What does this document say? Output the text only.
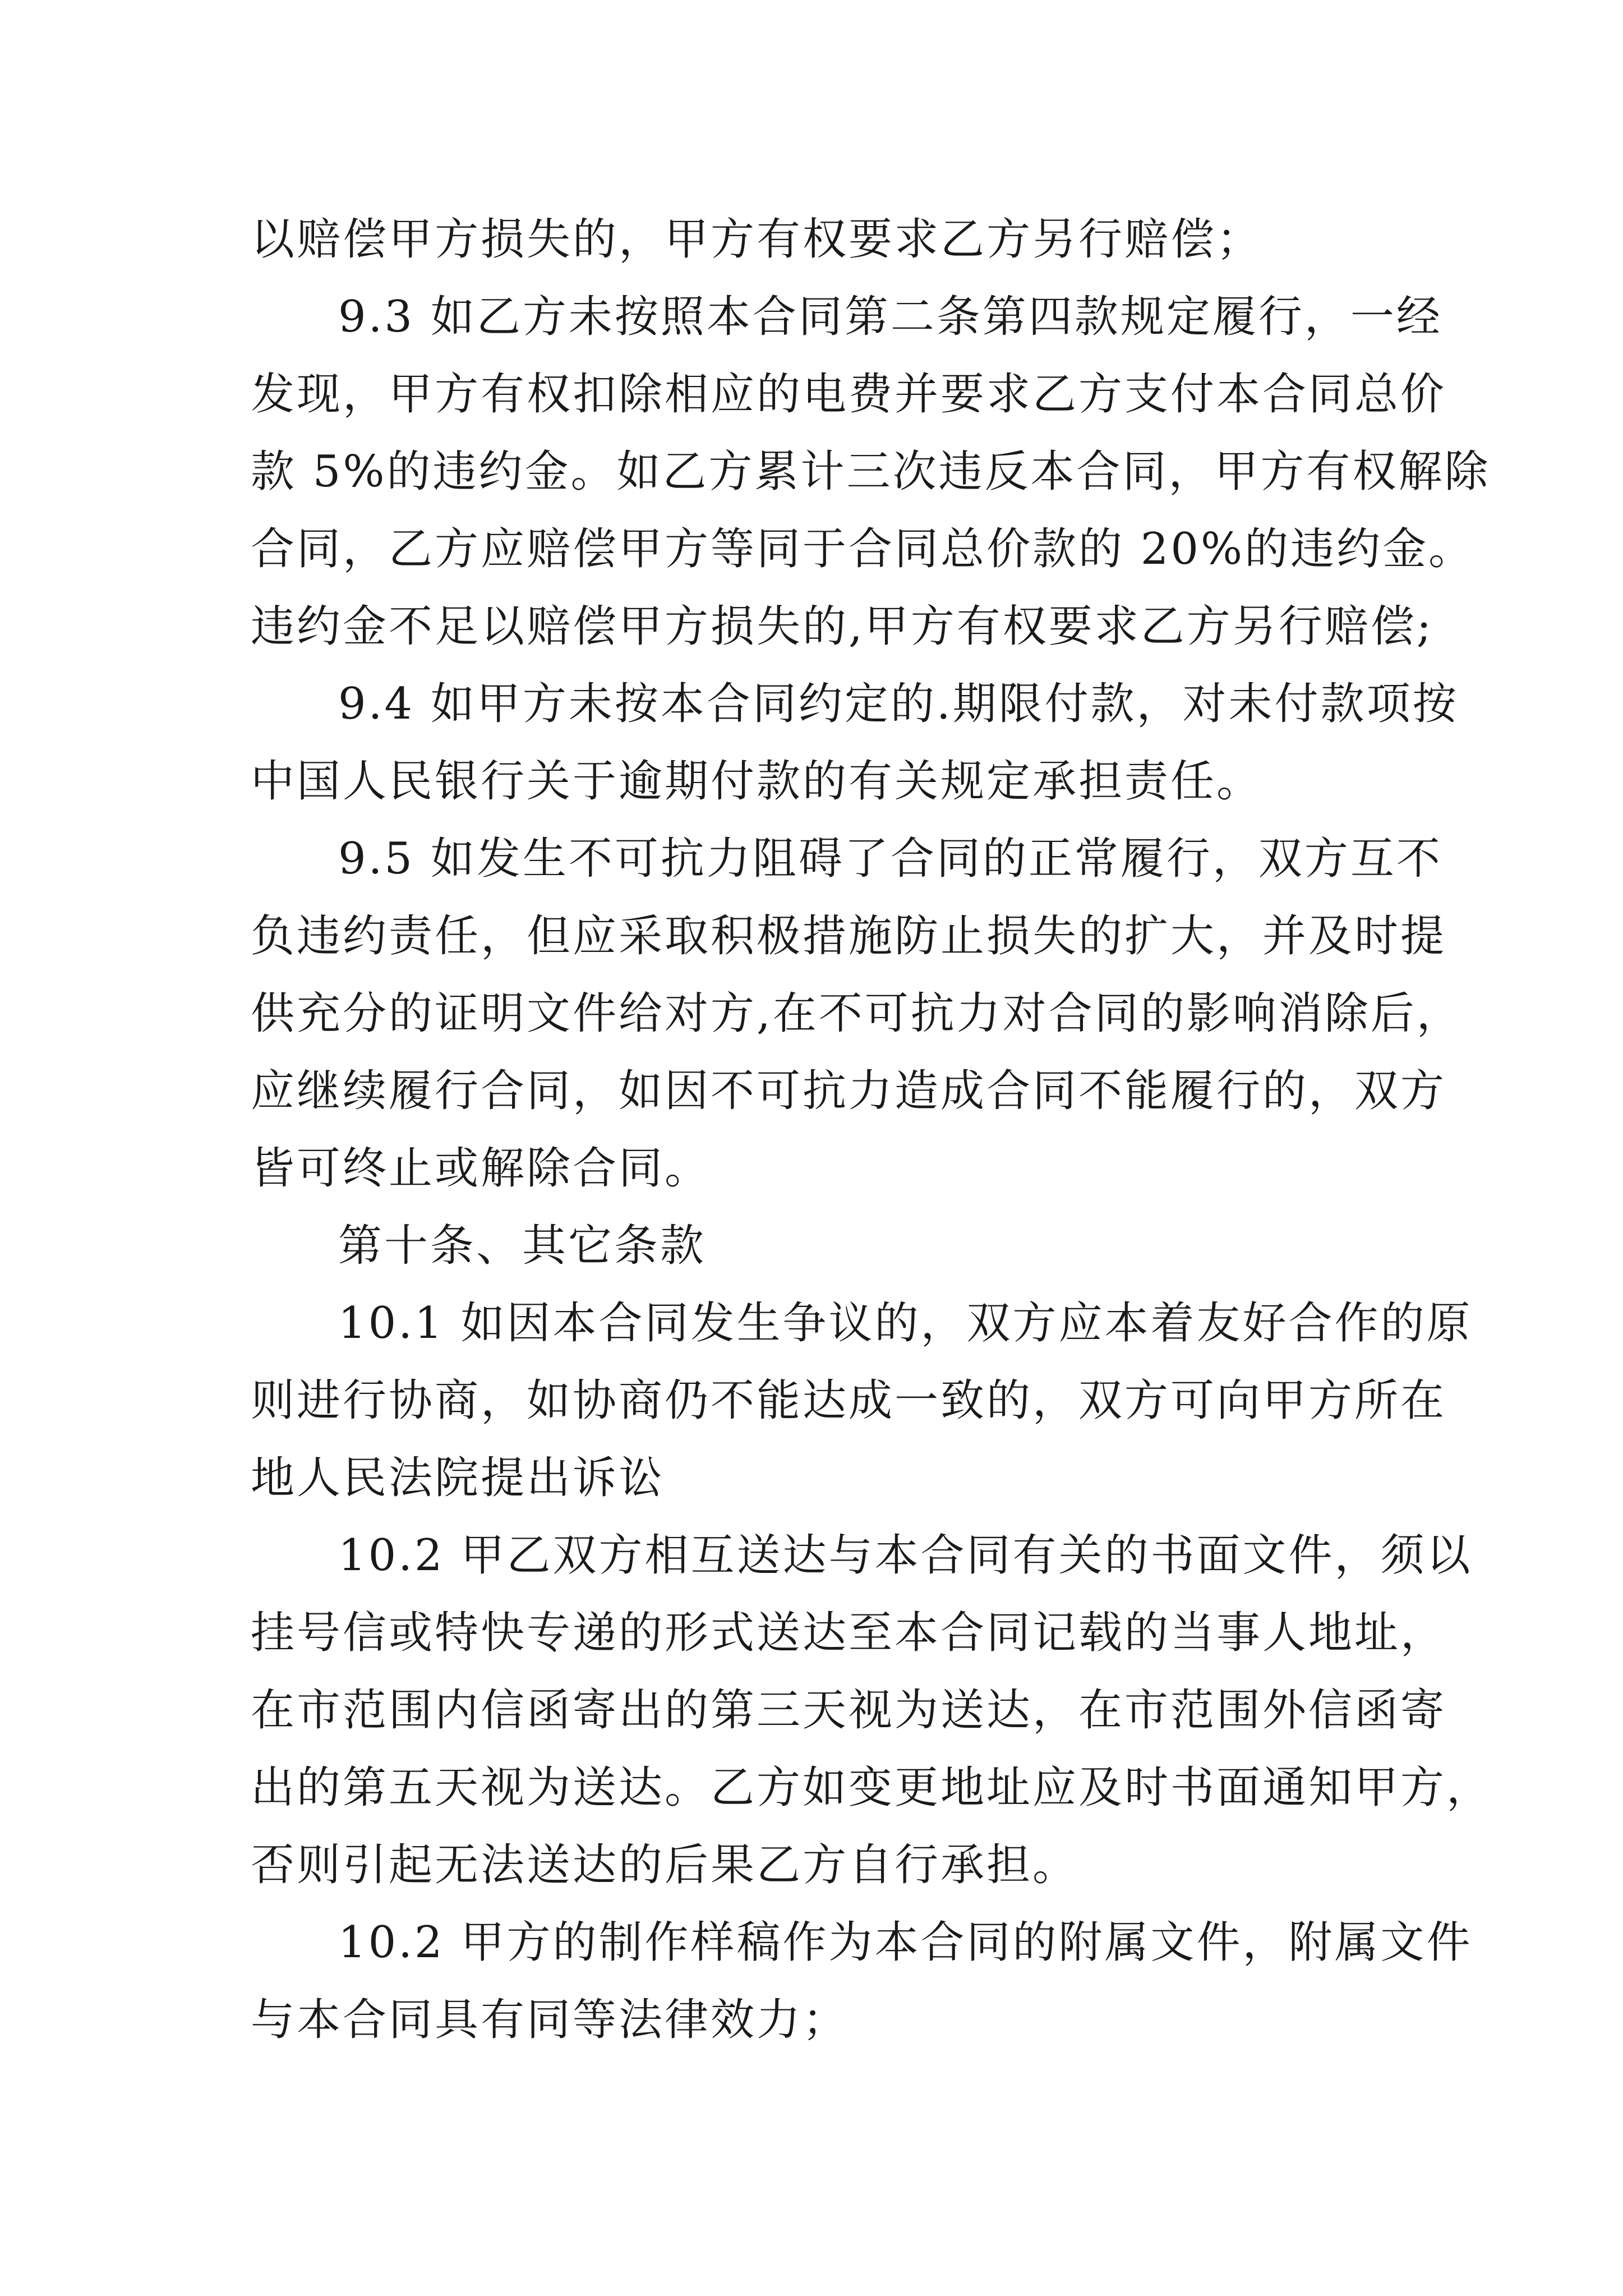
以赔偿甲方损失的，甲方有权要求乙方另行赔偿；
9.3 如乙方未按照本合同第二条第四款规定履行，一经
发现，甲方有权扣除相应的电费并要求乙方支付本合同总价
款 5%的违约金。如乙方累计三次违反本合同，甲方有权解除
合同，乙方应赔偿甲方等同于合同总价款的 20%的违约金。
违约金不足以赔偿甲方损失的,甲方有权要求乙方另行赔偿;
9.4 如甲方未按本合同约定的.期限付款，对未付款项按
中国人民银行关于逾期付款的有关规定承担责任。
9.5 如发生不可抗力阻碍了合同的正常履行，双方互不
负违约责任，但应采取积极措施防止损失的扩大，并及时提
供充分的证明文件给对方,在不可抗力对合同的影响消除后，
应继续履行合同，如因不可抗力造成合同不能履行的，双方
皆可终止或解除合同。
第十条、其它条款
10.1 如因本合同发生争议的，双方应本着友好合作的原
则进行协商，如协商仍不能达成一致的，双方可向甲方所在
地人民法院提出诉讼
10.2 甲乙双方相互送达与本合同有关的书面文件，须以
挂号信或特快专递的形式送达至本合同记载的当事人地址，
在市范围内信函寄出的第三天视为送达，在市范围外信函寄
出的第五天视为送达。乙方如变更地址应及时书面通知甲方，
否则引起无法送达的后果乙方自行承担。
10.2 甲方的制作样稿作为本合同的附属文件，附属文件
与本合同具有同等法律效力；
